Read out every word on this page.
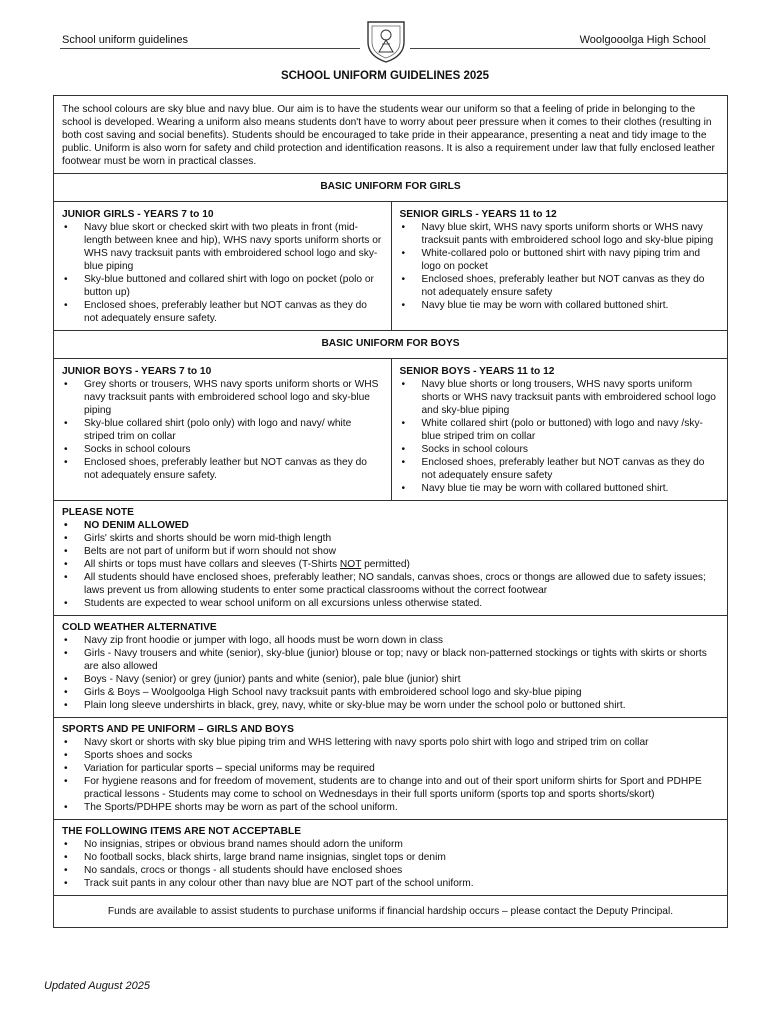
School uniform guidelines	Woolgooolga High School
SCHOOL UNIFORM GUIDELINES 2025
The school colours are sky blue and navy blue. Our aim is to have the students wear our uniform so that a feeling of pride in belonging to the school is developed. Wearing a uniform also means students don't have to worry about peer pressure when it comes to their clothes (resulting in both cost saving and social benefits). Students should be encouraged to take pride in their appearance, presenting a neat and tidy image to the public. Uniform is also worn for safety and child protection and identification reasons. It is also a requirement under law that fully enclosed leather footwear must be worn in practical classes.
BASIC UNIFORM FOR GIRLS
JUNIOR GIRLS - YEARS 7 to 10
• Navy blue skort or checked skirt with two pleats in front (mid-length between knee and hip), WHS navy sports uniform shorts or WHS navy tracksuit pants with embroidered school logo and sky-blue piping
• Sky-blue buttoned and collared shirt with logo on pocket (polo or button up)
• Enclosed shoes, preferably leather but NOT canvas as they do not adequately ensure safety.
SENIOR GIRLS - YEARS 11 to 12
• Navy blue skirt, WHS navy sports uniform shorts or WHS navy tracksuit pants with embroidered school logo and sky-blue piping
• White-collared polo or buttoned shirt with navy piping trim and logo on pocket
• Enclosed shoes, preferably leather but NOT canvas as they do not adequately ensure safety
• Navy blue tie may be worn with collared buttoned shirt.
BASIC UNIFORM FOR BOYS
JUNIOR BOYS - YEARS 7 to 10
• Grey shorts or trousers, WHS navy sports uniform shorts or WHS navy tracksuit pants with embroidered school logo and sky-blue piping
• Sky-blue collared shirt (polo only) with logo and navy/ white striped trim on collar
• Socks in school colours
• Enclosed shoes, preferably leather but NOT canvas as they do not adequately ensure safety.
SENIOR BOYS - YEARS 11 to 12
• Navy blue shorts or long trousers, WHS navy sports uniform shorts or WHS navy tracksuit pants with embroidered school logo and sky-blue piping
• White collared shirt (polo or buttoned) with logo and navy /sky-blue striped trim on collar
• Socks in school colours
• Enclosed shoes, preferably leather but NOT canvas as they do not adequately ensure safety
• Navy blue tie may be worn with collared buttoned shirt.
PLEASE NOTE
• NO DENIM ALLOWED
• Girls' skirts and shorts should be worn mid-thigh length
• Belts are not part of uniform but if worn should not show
• All shirts or tops must have collars and sleeves (T-Shirts NOT permitted)
• All students should have enclosed shoes, preferably leather; NO sandals, canvas shoes, crocs or thongs are allowed due to safety issues; laws prevent us from allowing students to enter some practical classrooms without the correct footwear
• Students are expected to wear school uniform on all excursions unless otherwise stated.
COLD WEATHER ALTERNATIVE
• Navy zip front hoodie or jumper with logo, all hoods must be worn down in class
• Girls - Navy trousers and white (senior), sky-blue (junior) blouse or top; navy or black non-patterned stockings or tights with skirts or shorts are also allowed
• Boys - Navy (senior) or grey (junior) pants and white (senior), pale blue (junior) shirt
• Girls & Boys – Woolgoolga High School navy tracksuit pants with embroidered school logo and sky-blue piping
• Plain long sleeve undershirts in black, grey, navy, white or sky-blue may be worn under the school polo or buttoned shirt.
SPORTS AND PE UNIFORM – GIRLS AND BOYS
• Navy skort or shorts with sky blue piping trim and WHS lettering with navy sports polo shirt with logo and striped trim on collar
• Sports shoes and socks
• Variation for particular sports – special uniforms may be required
• For hygiene reasons and for freedom of movement, students are to change into and out of their sport uniform shirts for Sport and PDHPE practical lessons - Students may come to school on Wednesdays in their full sports uniform (sports top and sports shorts/skort)
• The Sports/PDHPE shorts may be worn as part of the school uniform.
THE FOLLOWING ITEMS ARE NOT ACCEPTABLE
• No insignias, stripes or obvious brand names should adorn the uniform
• No football socks, black shirts, large brand name insignias, singlet tops or denim
• No sandals, crocs or thongs - all students should have enclosed shoes
• Track suit pants in any colour other than navy blue are NOT part of the school uniform.
Funds are available to assist students to purchase uniforms if financial hardship occurs – please contact the Deputy Principal.
Updated August 2025
